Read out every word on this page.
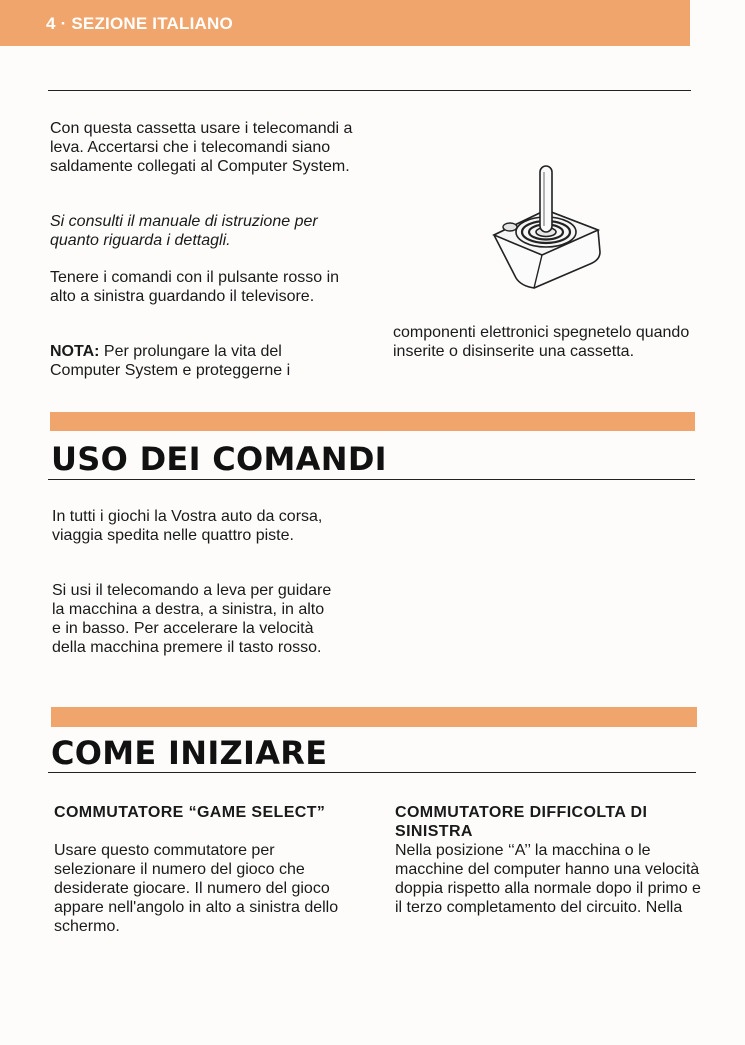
4 · SEZIONE ITALIANO

Con questa cassetta usare i telecomandi a leva. Accertarsi che i telecomandi siano saldamente collegati al Computer System.

Si consulti il manuale di istruzione per quanto riguarda i dettagli.

Tenere i comandi con il pulsante rosso in alto a sinistra guardando il televisore.

NOTA: Per prolungare la vita del Computer System e proteggerne i

componenti elettronici spegnetelo quando inserite o disinserite una cassetta.

USO DEI COMANDI

In tutti i giochi la Vostra auto da corsa, viaggia spedita nelle quattro piste.

Si usi il telecomando a leva per guidare la macchina a destra, a sinistra, in alto e in basso. Per accelerare la velocità della macchina premere il tasto rosso.

COME INIZIARE
COMMUTATORE “GAME SELECT”

Usare questo commutatore per selezionare il numero del gioco che desiderate giocare. Il numero del gioco appare nell'angolo in alto a sinistra dello schermo.

COMMUTATORE DIFFICOLTA DI SINISTRA

Nella posizione ‘‘A’’ la macchina o le macchine del computer hanno una velocità doppia rispetto alla normale dopo il primo e il terzo completamento del circuito. Nella
